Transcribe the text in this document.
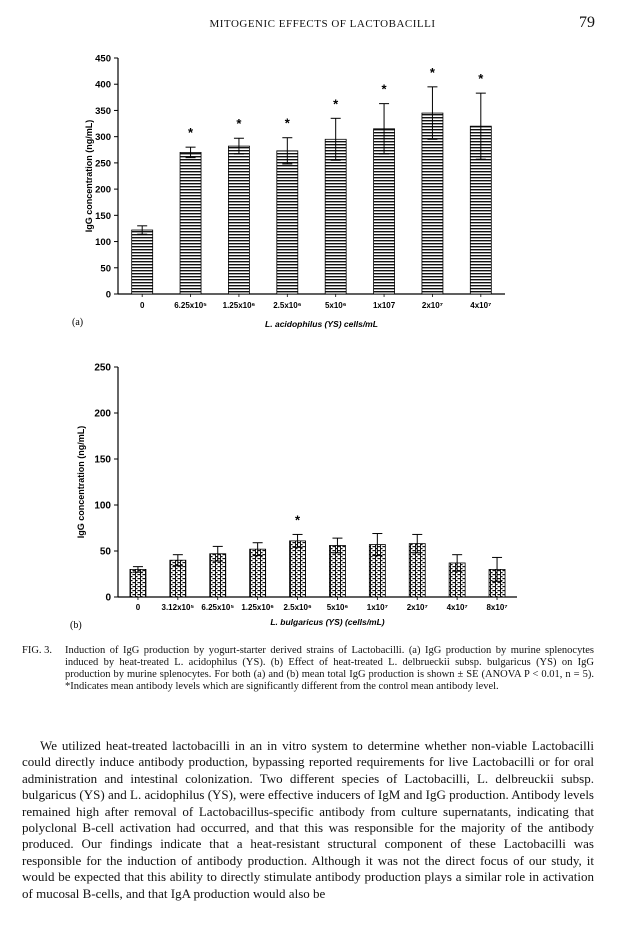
MITOGENIC EFFECTS OF LACTOBACILLI	79
0
50
100
150
200
250
300
350
400
450
IgG concentration (ng/mL)
0
*
6.25x10⁵
*
1.25x10⁶
*
2.5x10⁶
*
5x10⁶
*
1x107
*
2x10⁷
*
4x10⁷
L. acidophilus (YS) cells/mL
(a)
0
50
100
150
200
250
IgG concentration (ng/mL)
0	3.12x10⁵ 6.25x10⁵ 1.25x10⁶
*
2.5x10⁶ 5x10⁶ 1x10⁷ 2x10⁷ 4x10⁷ 8x10⁷
L. bulgaricus (YS) (cells/mL)
(b)
FIG. 3.	Induction of IgG production by yogurt-starter derived strains of Lactobacilli. (a) IgG production by murine splenocytes induced by heat-treated L. acidophilus (YS). (b) Effect of heat-treated L. delbrueckii subsp. bulgaricus (YS) on IgG production by murine splenocytes. For both (a) and (b) mean total IgG production is shown ± SE (ANOVA P < 0.01, n = 5). *Indicates mean antibody levels which are significantly different from the control mean antibody level.

We utilized heat-treated lactobacilli in an in vitro system to determine whether non-viable Lactobacilli could directly induce antibody production, bypassing reported requirements for live Lactobacilli or for oral administration and intestinal colonization. Two different species of Lactobacilli, L. delbreuckii subsp. bulgaricus (YS) and L. acidophilus (YS), were effective inducers of IgM and IgG production. Antibody levels remained high after removal of Lactobacillus-specific antibody from culture supernatants, indicating that polyclonal B-cell activation had occurred, and that this was responsible for the majority of the antibody produced. Our findings indicate that a heat-resistant structural component of these Lactobacilli was responsible for the induction of antibody production. Although it was not the direct focus of our study, it would be expected that this ability to directly stimulate antibody production plays a similar role in activation of mucosal B-cells, and that IgA production would also be
